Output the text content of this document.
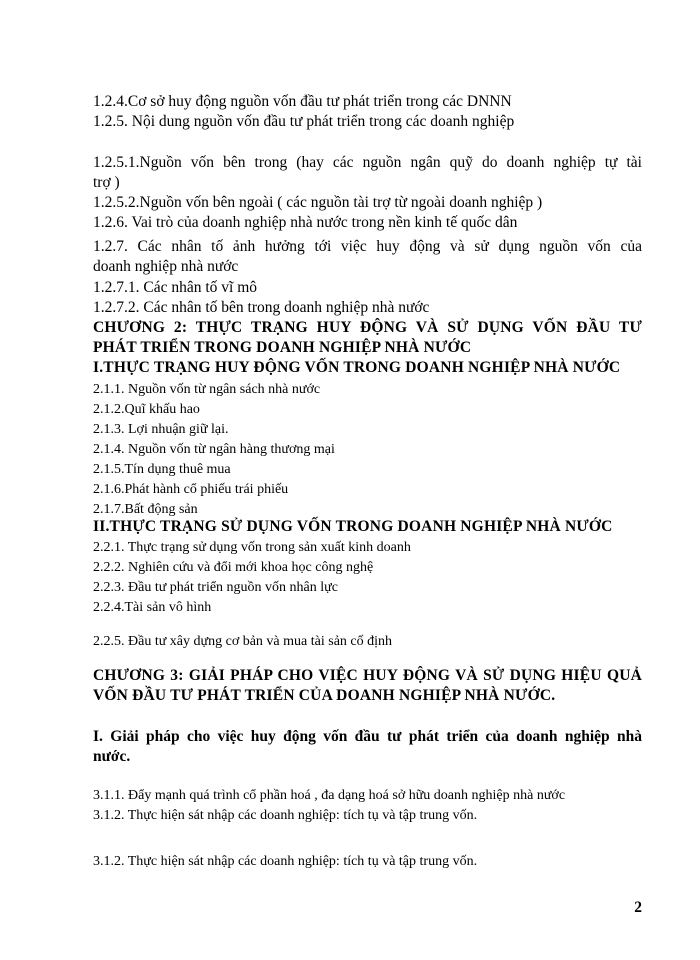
1.2.4.Cơ sở huy động nguồn vốn đầu tư phát triển trong các DNNN
1.2.5. Nội dung nguồn vốn đầu tư phát triển trong các doanh nghiệp
1.2.5.1.Nguồn vốn bên trong (hay các nguồn ngân quỹ do doanh nghiệp tự tài
trợ )
1.2.5.2.Nguồn vốn bên ngoài ( các nguồn tài trợ từ ngoài doanh nghiệp )
1.2.6. Vai trò của doanh nghiệp nhà nước trong nền kinh tế quốc dân
1.2.7. Các nhân tố ảnh hưởng tới việc huy động và sử dụng nguồn vốn của
doanh nghiệp nhà nước
1.2.7.1. Các nhân tố vĩ mô
1.2.7.2. Các nhân tố bên trong doanh nghiệp nhà nước
CHƯƠNG 2: THỰC TRẠNG HUY ĐỘNG VÀ SỬ DỤNG VỐN ĐẦU TƯ
PHÁT TRIỂN TRONG DOANH NGHIỆP NHÀ NƯỚC
I.THỰC TRẠNG HUY ĐỘNG VỐN TRONG DOANH NGHIỆP NHÀ NƯỚC
2.1.1. Nguồn vốn từ ngân sách nhà nước
2.1.2.Quĩ khấu hao
2.1.3. Lợi nhuận giữ lại.
2.1.4. Nguồn vốn từ ngân hàng thương mại
2.1.5.Tín dụng thuê mua
2.1.6.Phát hành cổ phiếu trái phiếu
2.1.7.Bất động sản
II.THỰC TRẠNG SỬ DỤNG VỐN TRONG DOANH NGHIỆP NHÀ NƯỚC
2.2.1. Thực trạng sử dụng vốn trong sản xuất kinh doanh
2.2.2. Nghiên cứu và đổi mới khoa học công nghệ
2.2.3. Đầu tư phát triển nguồn vốn nhân lực
2.2.4.Tài sản vô hình
2.2.5. Đầu tư xây dựng cơ bản và mua tài sản cố định
CHƯƠNG 3: GIẢI PHÁP CHO VIỆC HUY ĐỘNG VÀ SỬ DỤNG HIỆU QUẢ
VỐN ĐẦU TƯ PHÁT TRIỂN CỦA DOANH NGHIỆP NHÀ NƯỚC.
I. Giải pháp cho việc huy động vốn đầu tư phát triển của doanh nghiệp nhà
nước.
3.1.1. Đẩy mạnh quá trình cổ phần hoá , đa dạng hoá sở hữu doanh nghiệp nhà nước
3.1.2. Thực hiện sát nhập các doanh nghiệp: tích tụ và tập trung vốn.
3.1.2. Thực hiện sát nhập các doanh nghiệp: tích tụ và tập trung vốn.
2
